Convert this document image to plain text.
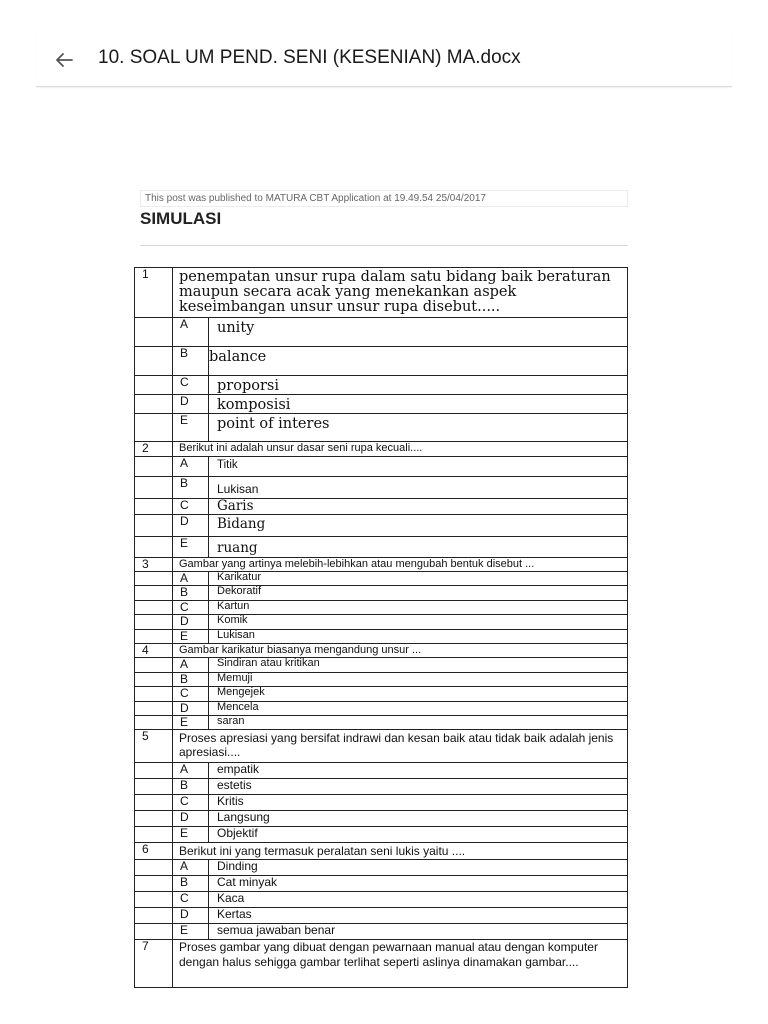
10. SOAL UM PEND. SENI (KESENIAN) MA.docx
This post was published to MATURA CBT Application at 19.49.54 25/04/2017
SIMULASI
1	penempatan unsur rupa dalam satu bidang baik beraturan maupun secara acak yang menekankan aspek keseimbangan unsur unsur rupa disebut.....	
	A	unity
	B	balance
	C	proporsi
	D	komposisi
	E	point of interes
2	Berikut ini adalah unsur dasar seni rupa kecuali....	
	A	Titik
	B	Lukisan
	C	Garis
	D	Bidang
	E	ruang
3	Gambar yang artinya melebih-lebihkan atau mengubah bentuk disebut ...	
	A	Karikatur
	B	Dekoratif
	C	Kartun
	D	Komik
	E	Lukisan
4	Gambar karikatur biasanya mengandung unsur ...	
	A	Sindiran atau kritikan
	B	Memuji
	C	Mengejek
	D	Mencela
	E	saran
5	Proses apresiasi yang bersifat indrawi dan kesan baik atau tidak baik adalah jenis apresiasi....	
	A	empatik
	B	estetis
	C	Kritis
	D	Langsung
	E	Objektif
6	Berikut ini yang termasuk peralatan seni lukis yaitu ....	
	A	Dinding
	B	Cat minyak
	C	Kaca
	D	Kertas
	E	semua jawaban benar
7	Proses gambar yang dibuat dengan pewarnaan manual atau dengan komputer dengan halus sehigga gambar terlihat seperti aslinya dinamakan gambar....	
